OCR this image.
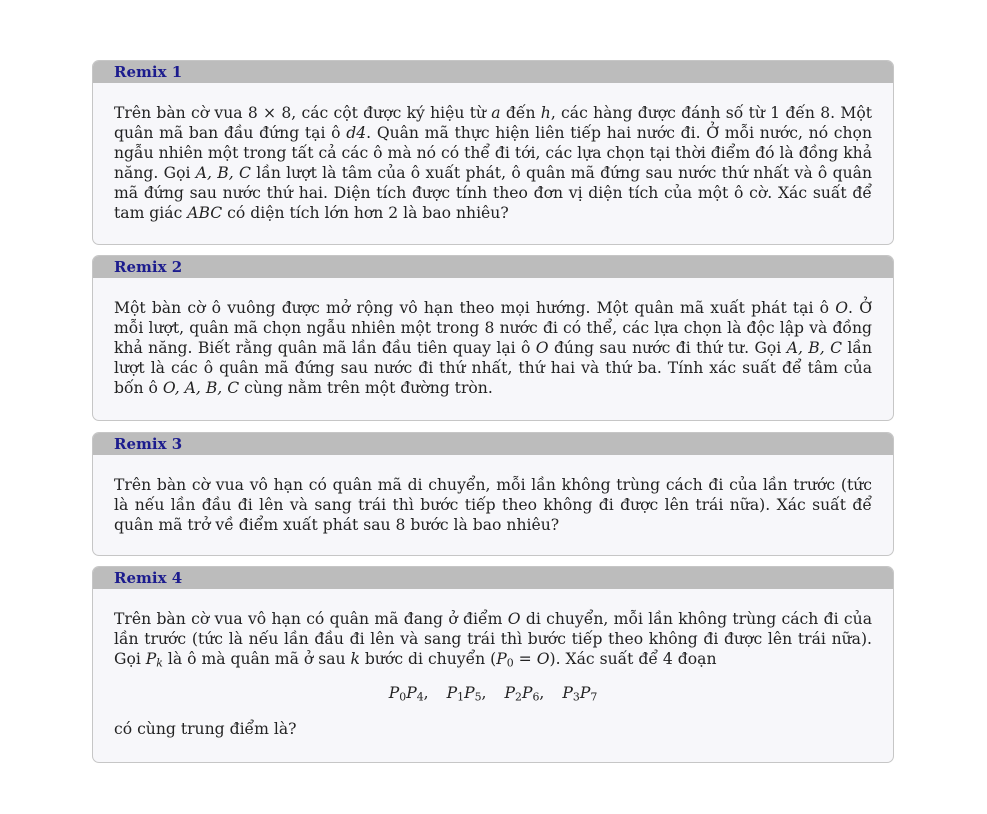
Remix 1
Trên bàn cờ vua 8 × 8, các cột được ký hiệu từ a đến h, các hàng được đánh số từ 1 đến 8. Một quân mã ban đầu đứng tại ô d4. Quân mã thực hiện liên tiếp hai nước đi. Ở mỗi nước, nó chọn ngẫu nhiên một trong tất cả các ô mà nó có thể đi tới, các lựa chọn tại thời điểm đó là đồng khả năng. Gọi A, B, C lần lượt là tâm của ô xuất phát, ô quân mã đứng sau nước thứ nhất và ô quân mã đứng sau nước thứ hai. Diện tích được tính theo đơn vị diện tích của một ô cờ. Xác suất để tam giác ABC có diện tích lớn hơn 2 là bao nhiêu?
Remix 2
Một bàn cờ ô vuông được mở rộng vô hạn theo mọi hướng. Một quân mã xuất phát tại ô O. Ở mỗi lượt, quân mã chọn ngẫu nhiên một trong 8 nước đi có thể, các lựa chọn là độc lập và đồng khả năng. Biết rằng quân mã lần đầu tiên quay lại ô O đúng sau nước đi thứ tư. Gọi A, B, C lần lượt là các ô quân mã đứng sau nước đi thứ nhất, thứ hai và thứ ba. Tính xác suất để tâm của bốn ô O, A, B, C cùng nằm trên một đường tròn.
Remix 3
Trên bàn cờ vua vô hạn có quân mã di chuyển, mỗi lần không trùng cách đi của lần trước (tức là nếu lần đầu đi lên và sang trái thì bước tiếp theo không đi được lên trái nữa). Xác suất để quân mã trở về điểm xuất phát sau 8 bước là bao nhiêu?
Remix 4
Trên bàn cờ vua vô hạn có quân mã đang ở điểm O di chuyển, mỗi lần không trùng cách đi của lần trước (tức là nếu lần đầu đi lên và sang trái thì bước tiếp theo không đi được lên trái nữa). Gọi $P_k$ là ô mà quân mã ở sau k bước di chuyển $(P_0 = O)$. Xác suất để 4 đoạn
$P_0P_4$, $P_1P_5$, $P_2P_6$, $P_3P_7$
có cùng trung điểm là?
